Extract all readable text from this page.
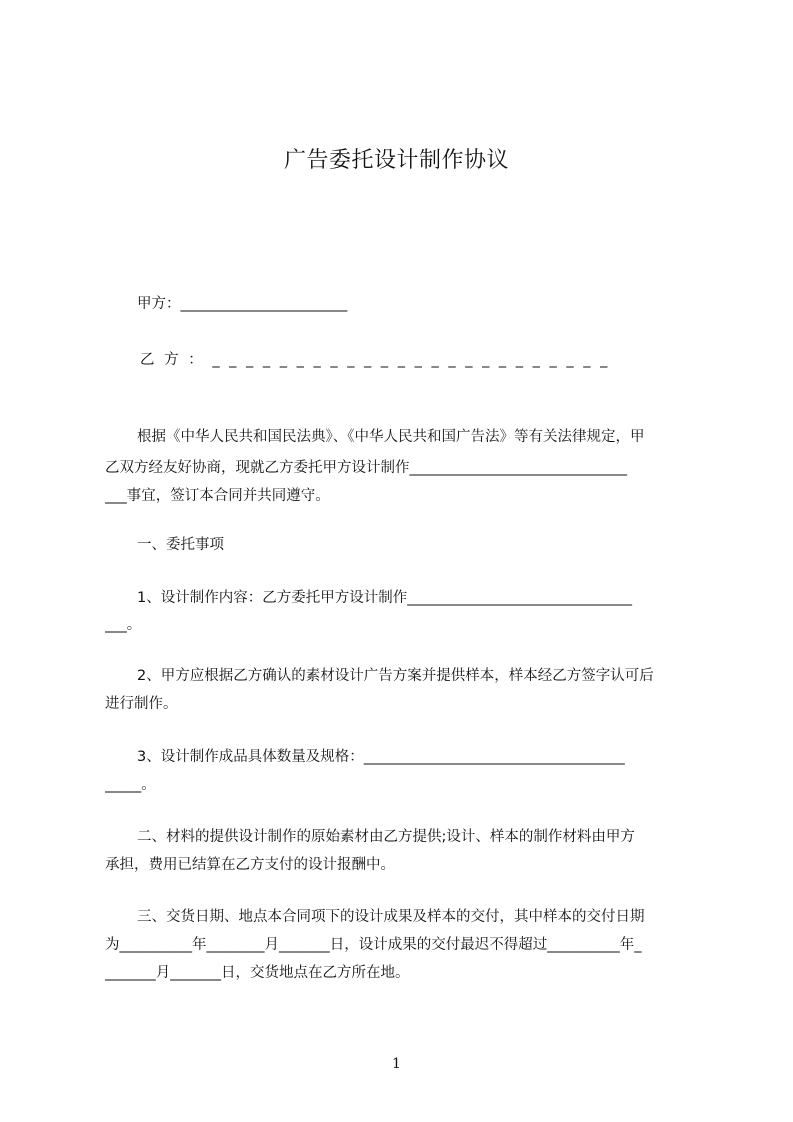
广告委托设计制作协议
甲方：_______________________
乙 方 ： _ _ _ _ _ _ _ _ _ _ _ _ _ _ _ _ _ _ _ _ _ _ _ _
根据《中华人民共和国民法典》、《中华人民共和国广告法》等有关法律规定，甲
乙双方经友好协商，现就乙方委托甲方设计制作______________________________
___事宜，签订本合同并共同遵守。
一、委托事项
1、设计制作内容：乙方委托甲方设计制作_______________________________
___。
2、甲方应根据乙方确认的素材设计广告方案并提供样本，样本经乙方签字认可后
进行制作。
3、设计制作成品具体数量及规格：____________________________________
_____。
二、材料的提供设计制作的原始素材由乙方提供;设计、样本的制作材料由甲方
承担，费用已结算在乙方支付的设计报酬中。
三、交货日期、地点本合同项下的设计成果及样本的交付，其中样本的交付日期
为__________年________月_______日，设计成果的交付最迟不得超过__________年_
_______月_______日，交货地点在乙方所在地。
1
